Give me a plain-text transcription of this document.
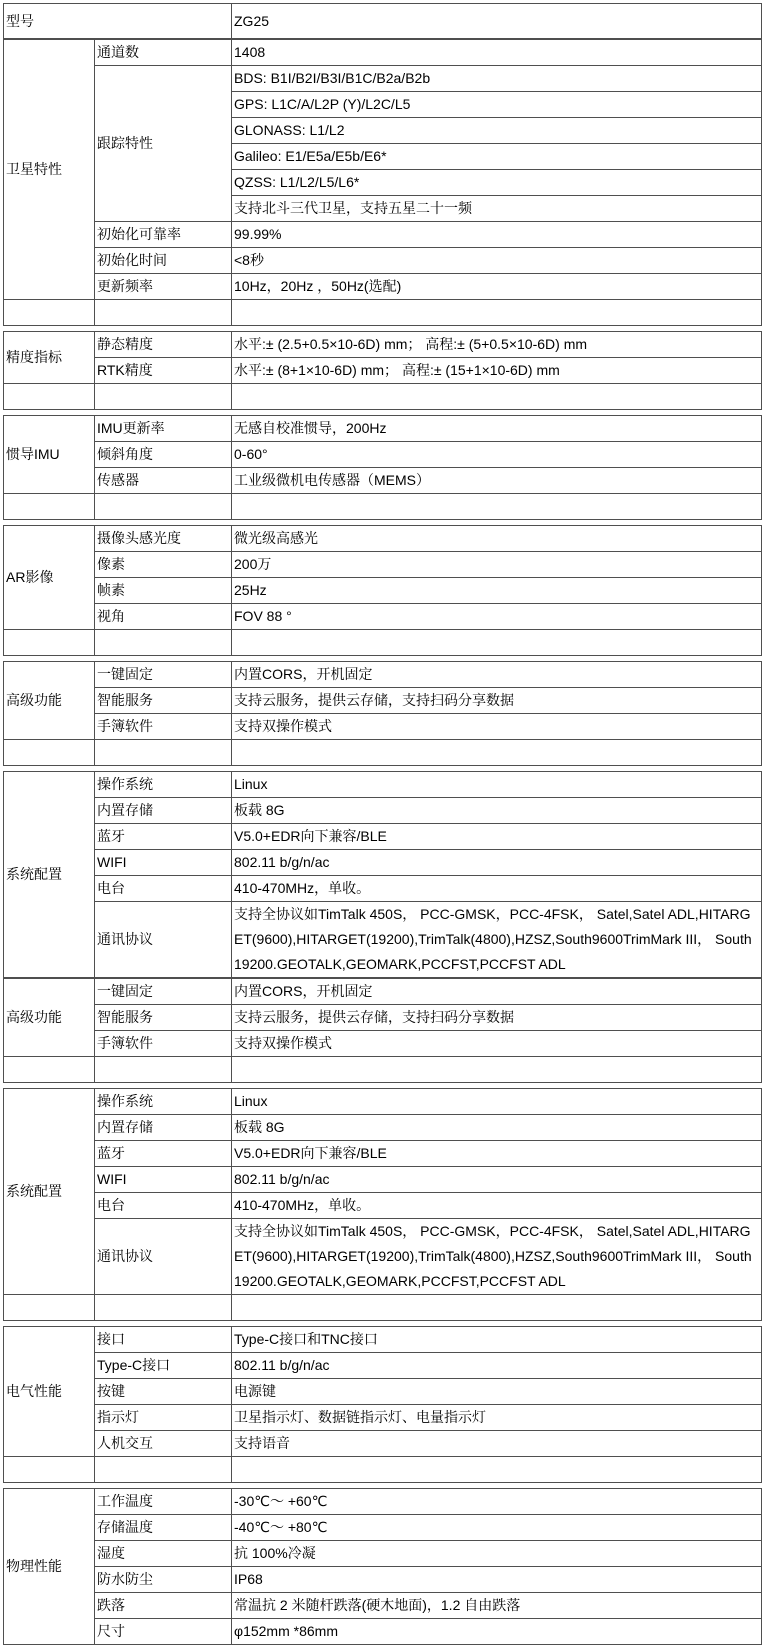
型号	ZG25
卫星特性	通道数	1408
	跟踪特性	BDS: B1I/B2I/B3I/B1C/B2a/B2b
		GPS: L1C/A/L2P (Y)/L2C/L5
		GLONASS: L1/L2
		Galileo: E1/E5a/E5b/E6*
		QZSS: L1/L2/L5/L6*
		支持北斗三代卫星，支持五星二十一频
	初始化可靠率	99.99%
	初始化时间	<8秒
	更新频率	10Hz，20Hz ，50Hz(选配)

精度指标	静态精度	水平:± (2.5+0.5×10-6D) mm； 高程:± (5+0.5×10-6D) mm
	RTK精度	水平:± (8+1×10-6D) mm； 高程:± (15+1×10-6D) mm

惯导IMU	IMU更新率	无感自校准惯导，200Hz
	倾斜角度	0-60°
	传感器	工业级微机电传感器（MEMS）

AR影像	摄像头感光度	微光级高感光
	像素	200万
	帧素	25Hz
	视角	FOV 88 °

高级功能	一键固定	内置CORS，开机固定
	智能服务	支持云服务，提供云存储，支持扫码分享数据
	手簿软件	支持双操作模式

系统配置	操作系统	Linux
	内置存储	板载 8G
	蓝牙	V5.0+EDR向下兼容/BLE
	WIFI	802.11 b/g/n/ac
	电台	410-470MHz，单收。
	通讯协议	支持全协议如TimTalk 450S， PCC-GMSK，PCC-4FSK， Satel,Satel ADL,HITARGET(9600),HITARGET(19200),TrimTalk(4800),HZSZ,South9600TrimMark III， South 19200.GEOTALK,GEOMARK,PCCFST,PCCFST ADL
高级功能	一键固定	内置CORS，开机固定
	智能服务	支持云服务，提供云存储，支持扫码分享数据
	手簿软件	支持双操作模式

系统配置	操作系统	Linux
	内置存储	板载 8G
	蓝牙	V5.0+EDR向下兼容/BLE
	WIFI	802.11 b/g/n/ac
	电台	410-470MHz，单收。
	通讯协议	支持全协议如TimTalk 450S， PCC-GMSK，PCC-4FSK， Satel,Satel ADL,HITARGET(9600),HITARGET(19200),TrimTalk(4800),HZSZ,South9600TrimMark III， South 19200.GEOTALK,GEOMARK,PCCFST,PCCFST ADL

电气性能	接口	Type-C接口和TNC接口
	Type-C接口	802.11 b/g/n/ac
	按键	电源键
	指示灯	卫星指示灯、数据链指示灯、电量指示灯
	人机交互	支持语音

物理性能	工作温度	-30℃～ +60℃
	存储温度	-40℃～ +80℃
	湿度	抗 100%冷凝
	防水防尘	IP68
	跌落	常温抗 2 米随杆跌落(硬木地面)，1.2 自由跌落
	尺寸	φ152mm *86mm
